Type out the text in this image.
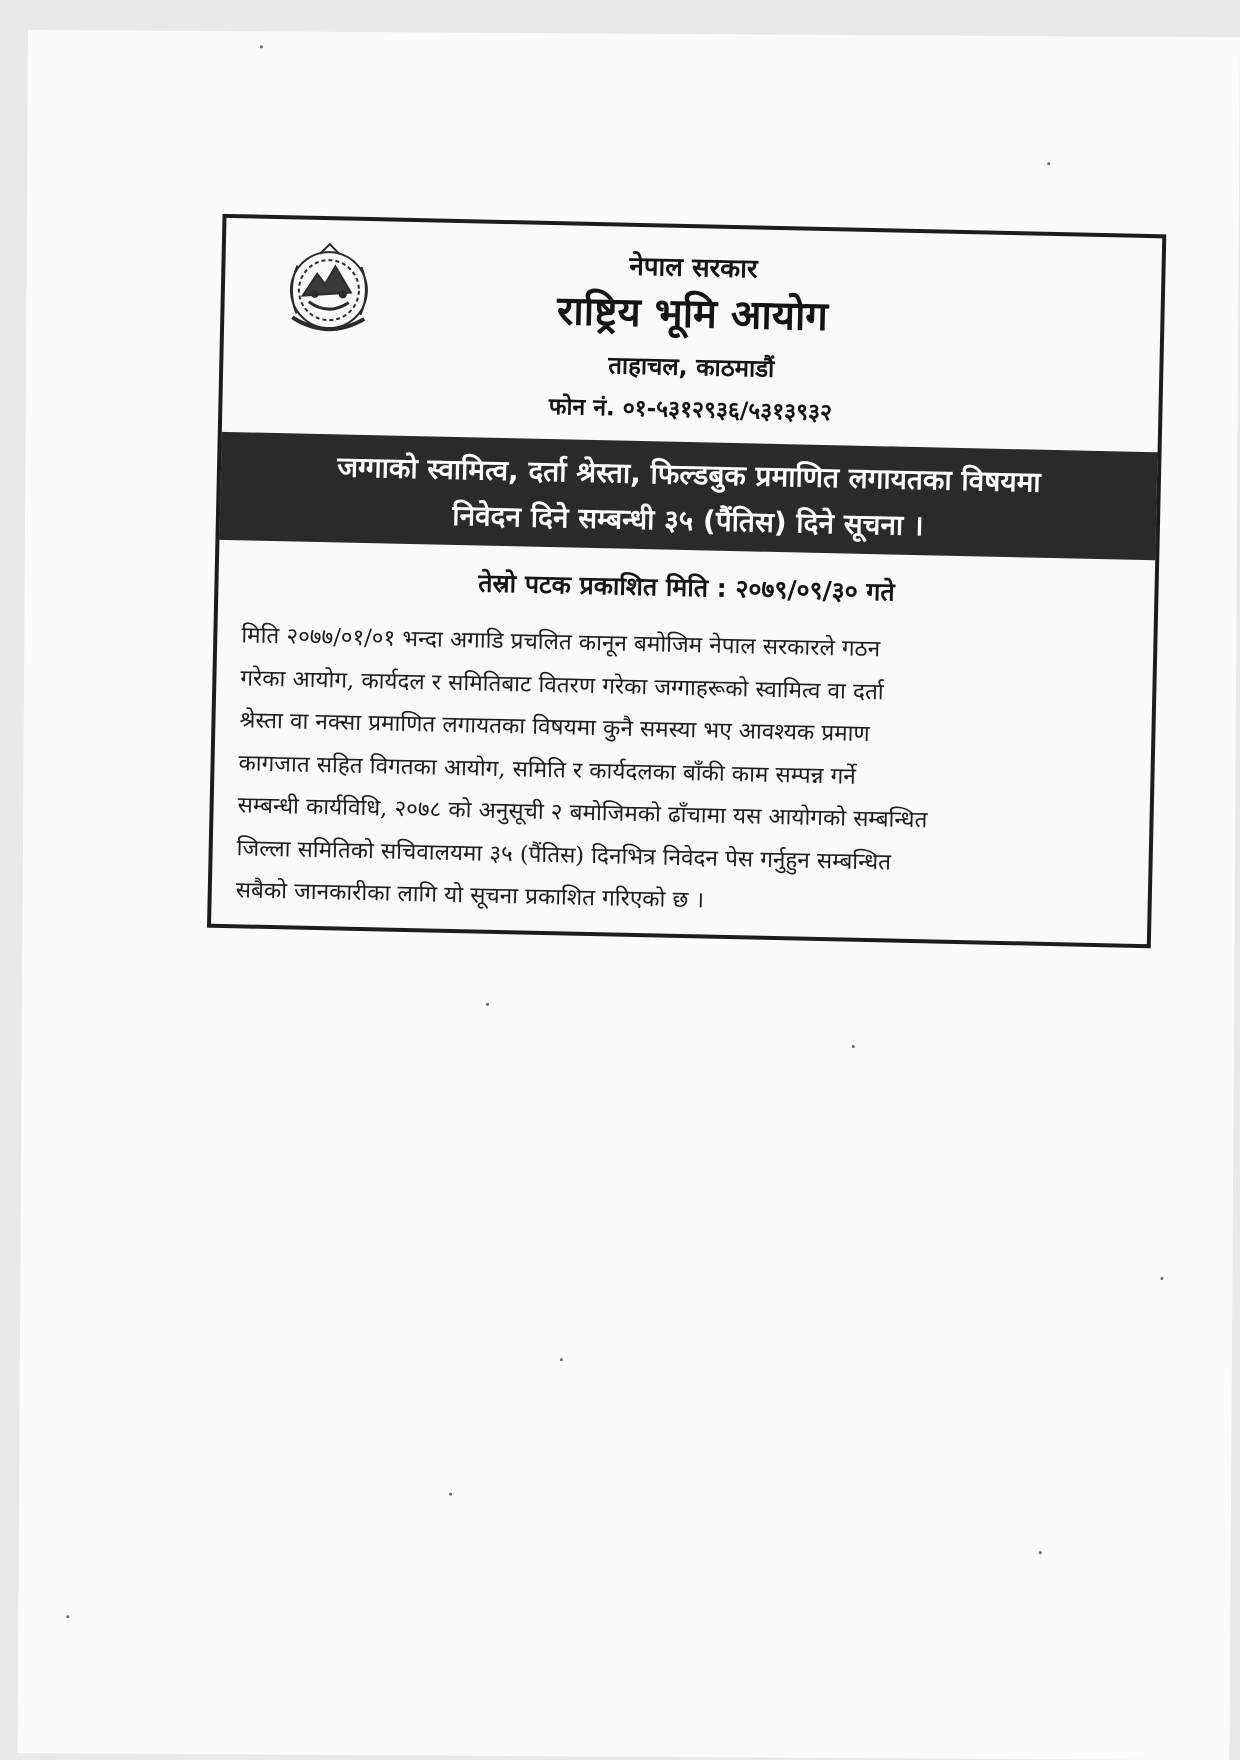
नेपाल सरकार
राष्ट्रिय भूमि आयोग
ताहाचल, काठमाडौं
फोन नं. ०१-५३१२९३६/५३१३९३२
जग्गाको स्वामित्व, दर्ता श्रेस्ता, फिल्डबुक प्रमाणित लगायतका विषयमा
निवेदन दिने सम्बन्धी ३५ (पैंतिस) दिने सूचना ।
तेस्रो पटक प्रकाशित मिति : २०७९/०९/३० गते
मिति २०७७/०१/०१ भन्दा अगाडि प्रचलित कानून बमोजिम नेपाल सरकारले गठन
गरेका आयोग, कार्यदल र समितिबाट वितरण गरेका जग्गाहरूको स्वामित्व वा दर्ता
श्रेस्ता वा नक्सा प्रमाणित लगायतका विषयमा कुनै समस्या भए आवश्यक प्रमाण
कागजात सहित विगतका आयोग, समिति र कार्यदलका बाँकी काम सम्पन्न गर्ने
सम्बन्धी कार्यविधि, २०७८ को अनुसूची २ बमोजिमको ढाँचामा यस आयोगको सम्बन्धित
जिल्ला समितिको सचिवालयमा ३५ (पैंतिस) दिनभित्र निवेदन पेस गर्नुहुन सम्बन्धित
सबैको जानकारीका लागि यो सूचना प्रकाशित गरिएको छ ।
